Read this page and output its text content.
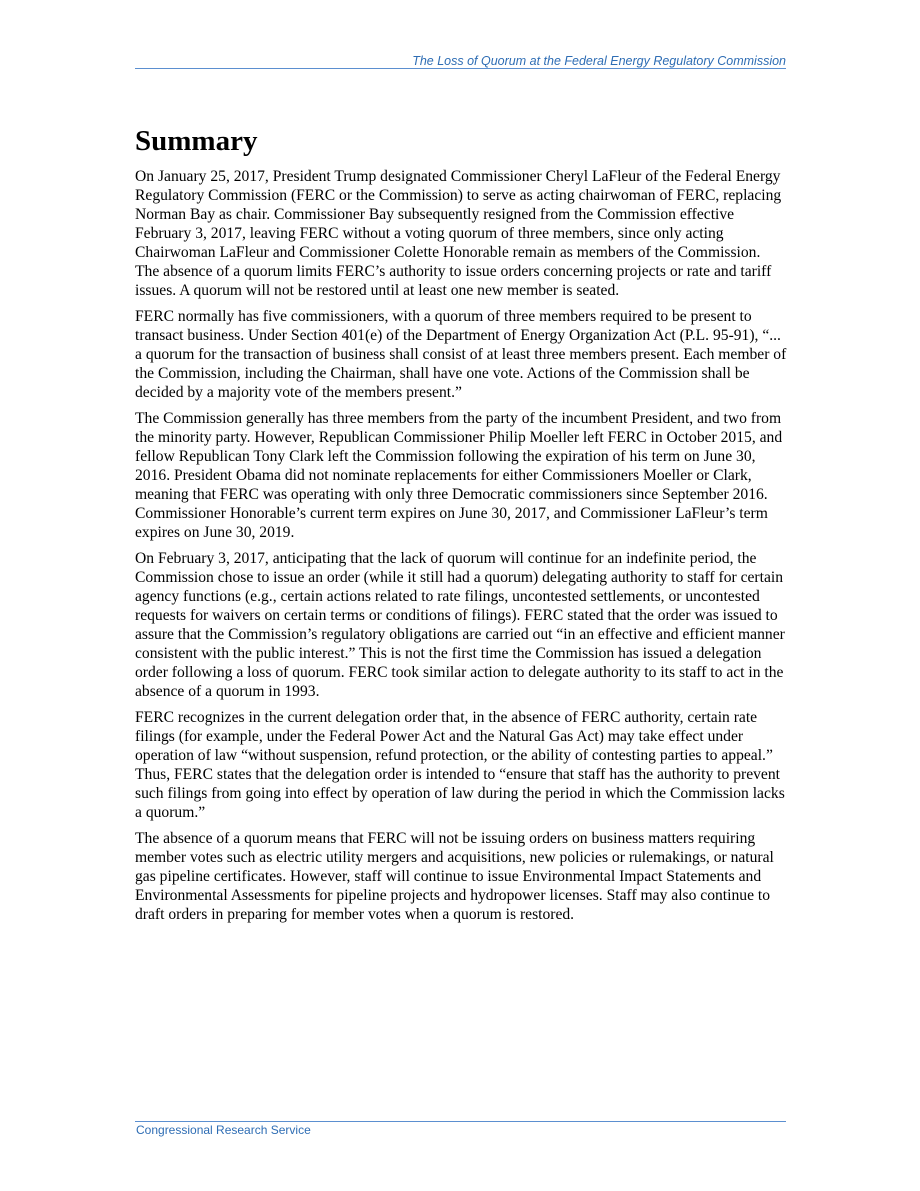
The Loss of Quorum at the Federal Energy Regulatory Commission
Summary

On January 25, 2017, President Trump designated Commissioner Cheryl LaFleur of the Federal Energy Regulatory Commission (FERC or the Commission) to serve as acting chairwoman of FERC, replacing Norman Bay as chair. Commissioner Bay subsequently resigned from the Commission effective February 3, 2017, leaving FERC without a voting quorum of three members, since only acting Chairwoman LaFleur and Commissioner Colette Honorable remain as members of the Commission. The absence of a quorum limits FERC’s authority to issue orders concerning projects or rate and tariff issues. A quorum will not be restored until at least one new member is seated.

FERC normally has five commissioners, with a quorum of three members required to be present to transact business. Under Section 401(e) of the Department of Energy Organization Act (P.L. 95-91), “... a quorum for the transaction of business shall consist of at least three members present. Each member of the Commission, including the Chairman, shall have one vote. Actions of the Commission shall be decided by a majority vote of the members present.”

The Commission generally has three members from the party of the incumbent President, and two from the minority party. However, Republican Commissioner Philip Moeller left FERC in October 2015, and fellow Republican Tony Clark left the Commission following the expiration of his term on June 30, 2016. President Obama did not nominate replacements for either Commissioners Moeller or Clark, meaning that FERC was operating with only three Democratic commissioners since September 2016. Commissioner Honorable’s current term expires on June 30, 2017, and Commissioner LaFleur’s term expires on June 30, 2019.

On February 3, 2017, anticipating that the lack of quorum will continue for an indefinite period, the Commission chose to issue an order (while it still had a quorum) delegating authority to staff for certain agency functions (e.g., certain actions related to rate filings, uncontested settlements, or uncontested requests for waivers on certain terms or conditions of filings). FERC stated that the order was issued to assure that the Commission’s regulatory obligations are carried out “in an effective and efficient manner consistent with the public interest.” This is not the first time the Commission has issued a delegation order following a loss of quorum. FERC took similar action to delegate authority to its staff to act in the absence of a quorum in 1993.

FERC recognizes in the current delegation order that, in the absence of FERC authority, certain rate filings (for example, under the Federal Power Act and the Natural Gas Act) may take effect under operation of law “without suspension, refund protection, or the ability of contesting parties to appeal.” Thus, FERC states that the delegation order is intended to “ensure that staff has the authority to prevent such filings from going into effect by operation of law during the period in which the Commission lacks a quorum.”

The absence of a quorum means that FERC will not be issuing orders on business matters requiring member votes such as electric utility mergers and acquisitions, new policies or rulemakings, or natural gas pipeline certificates. However, staff will continue to issue Environmental Impact Statements and Environmental Assessments for pipeline projects and hydropower licenses. Staff may also continue to draft orders in preparing for member votes when a quorum is restored.

Congressional Research Service
